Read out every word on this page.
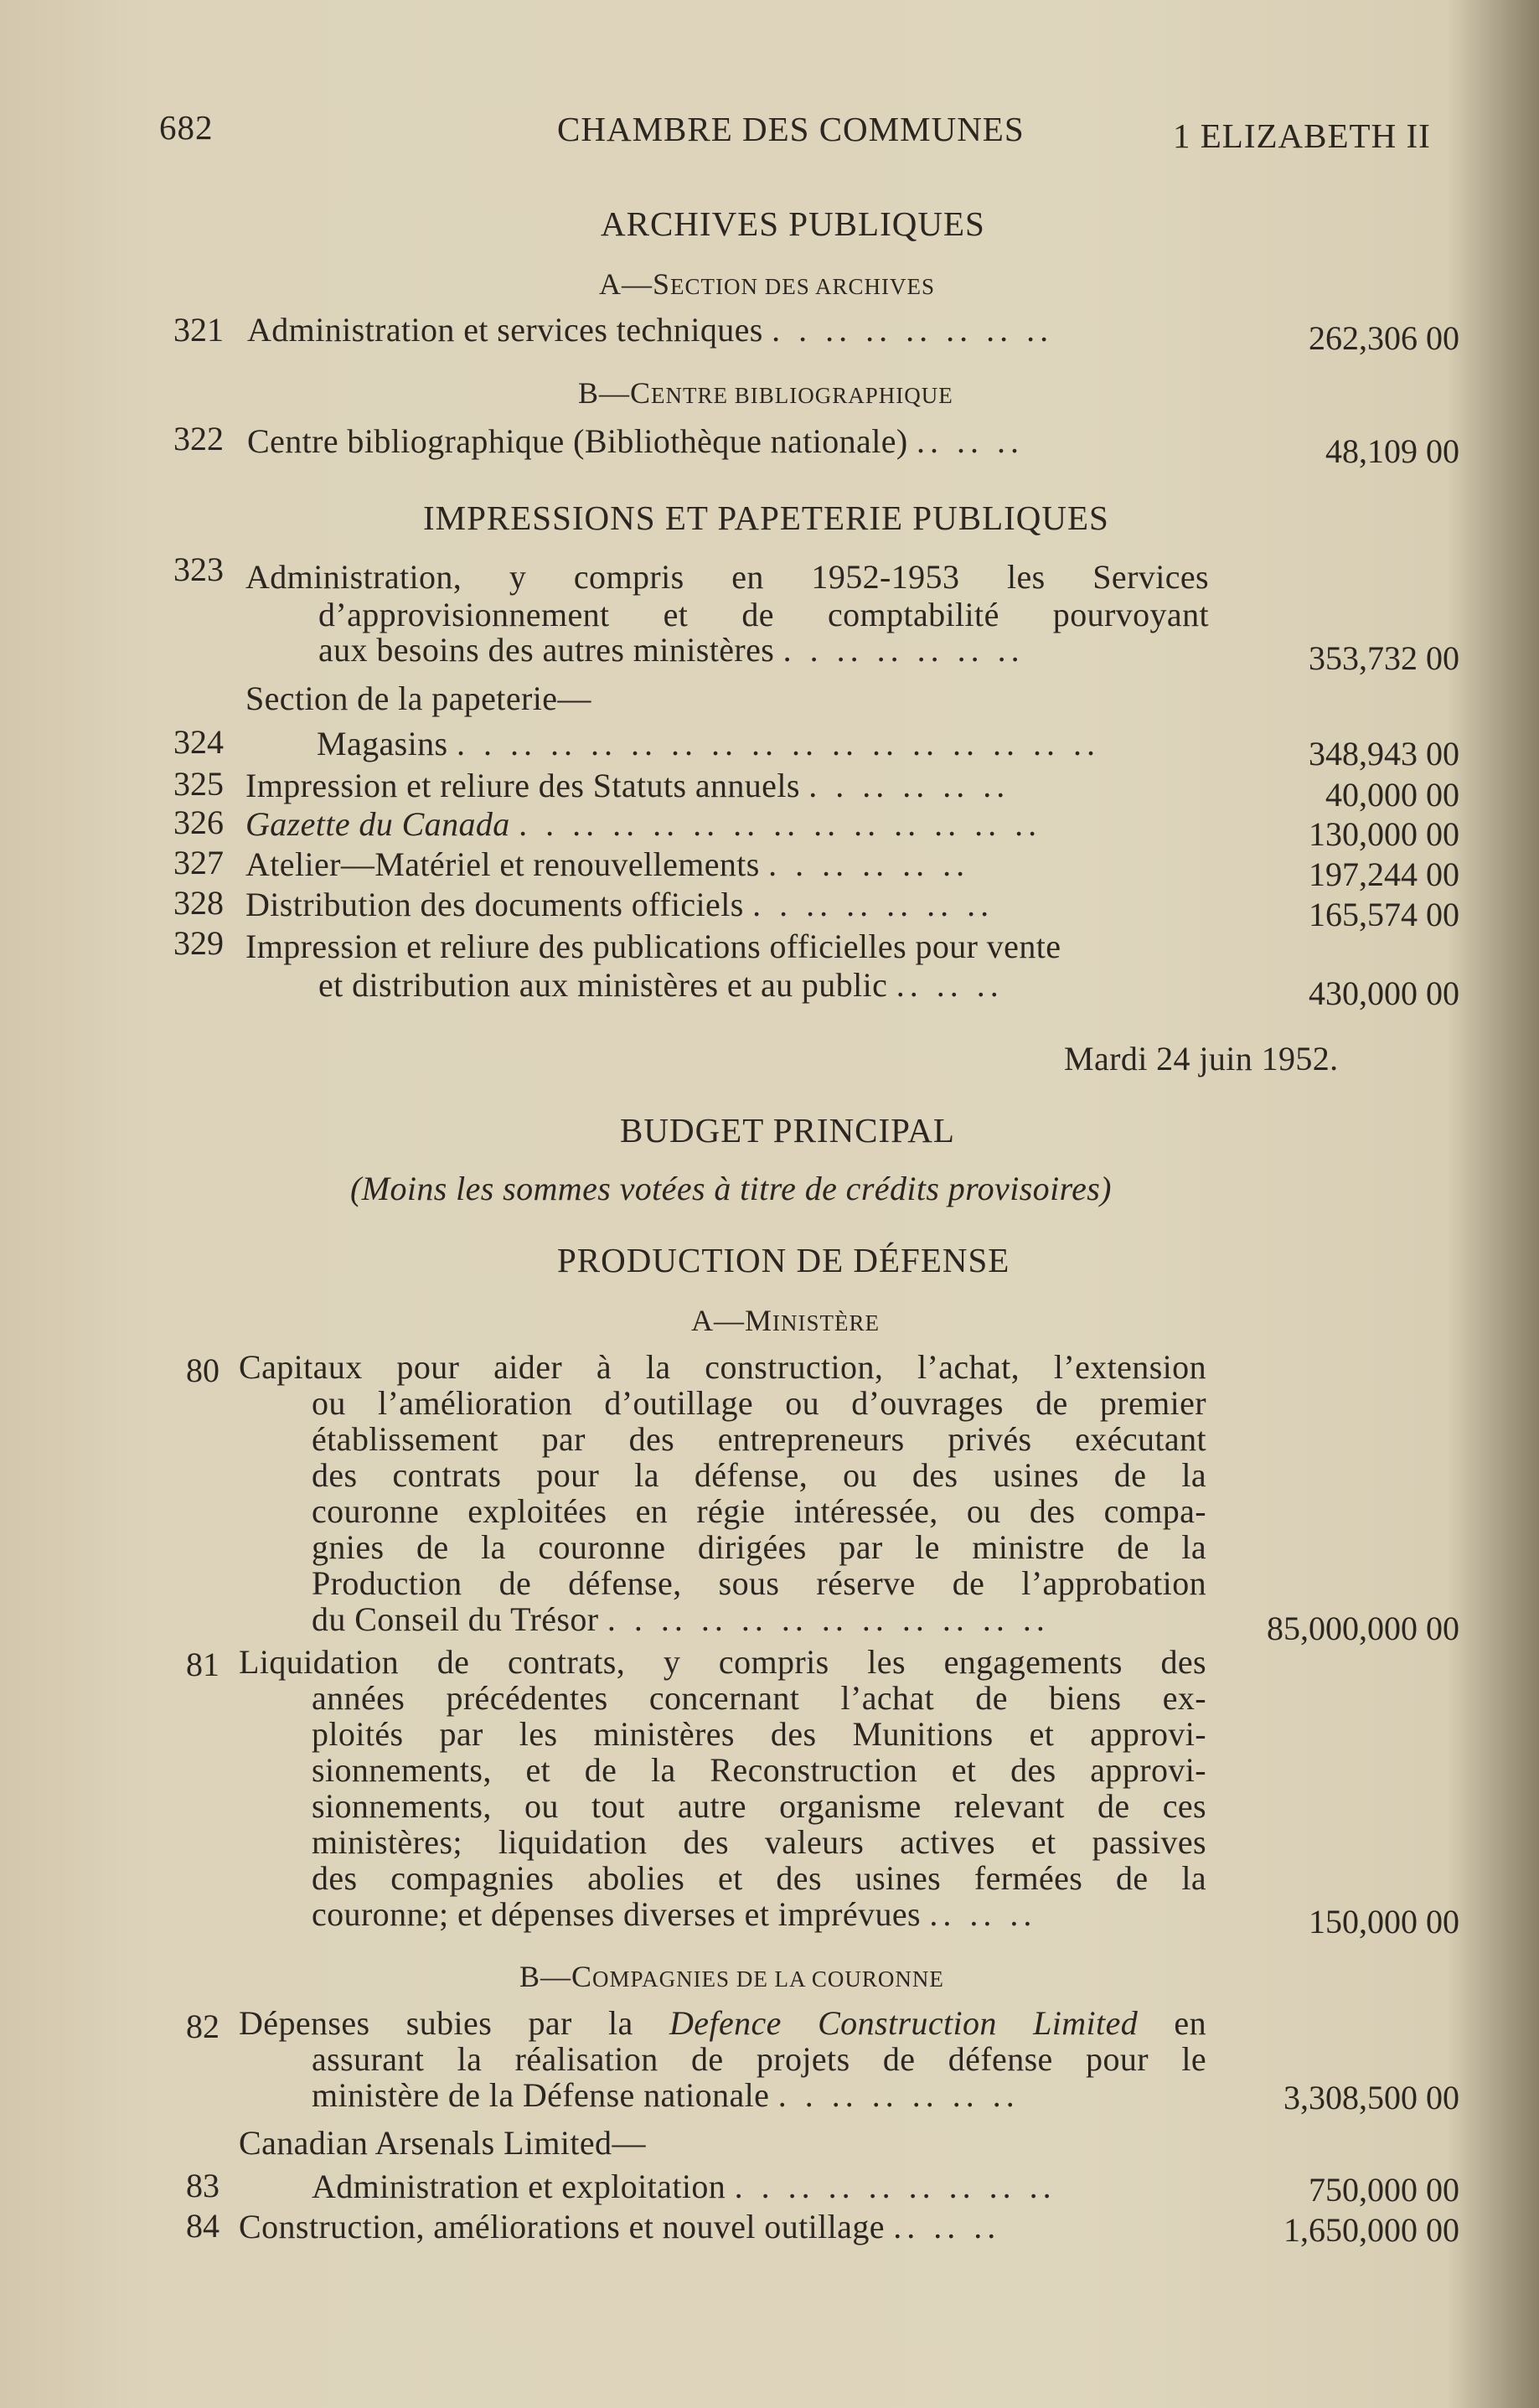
682	CHAMBRE DES COMMUNES	1 ELIZABETH II
ARCHIVES PUBLIQUES
A—SECTION DES ARCHIVES
321 Administration et services techniques . . .. .. .. .. .. ..	262,306 00
B—CENTRE BIBLIOGRAPHIQUE
322 Centre bibliographique (Bibliothèque nationale) .. .. ..	48,109 00
IMPRESSIONS ET PAPETERIE PUBLIQUES
323 Administration, y compris en 1952-1953 les Services
d’approvisionnement et de comptabilité pourvoyant
aux besoins des autres ministères . . .. .. .. .. ..	353,732 00
Section de la papeterie—
324	Magasins . . .. .. .. .. .. .. .. .. .. .. .. .. .. .. ..	348,943 00
325 Impression et reliure des Statuts annuels . . .. .. .. ..	40,000 00
326 Gazette du Canada . . .. .. .. .. .. .. .. .. .. .. .. ..	130,000 00
327 Atelier—Matériel et renouvellements . . .. .. .. ..	197,244 00
328 Distribution des documents officiels . . .. .. .. .. ..	165,574 00
329 Impression et reliure des publications officielles pour vente
et distribution aux ministères et au public .. .. ..	430,000 00
Mardi 24 juin 1952.
BUDGET PRINCIPAL
(Moins les sommes votées à titre de crédits provisoires)
PRODUCTION DE DÉFENSE
A—MINISTÈRE
80 Capitaux pour aider à la construction, l’achat, l’extension
ou l’amélioration d’outillage ou d’ouvrages de premier
établissement par des entrepreneurs privés exécutant
des contrats pour la défense, ou des usines de la
couronne exploitées en régie intéressée, ou des compa-
gnies de la couronne dirigées par le ministre de la
Production de défense, sous réserve de l’approbation
du Conseil du Trésor . . .. .. .. .. .. .. .. .. .. ..	85,000,000 00
81 Liquidation de contrats, y compris les engagements des
années précédentes concernant l’achat de biens ex-
ploités par les ministères des Munitions et approvi-
sionnements, et de la Reconstruction et des approvi-
sionnements, ou tout autre organisme relevant de ces
ministères; liquidation des valeurs actives et passives
des compagnies abolies et des usines fermées de la
couronne; et dépenses diverses et imprévues .. .. ..	150,000 00
B—COMPAGNIES DE LA COURONNE
82 Dépenses subies par la Defence Construction Limited en
assurant la réalisation de projets de défense pour le
ministère de la Défense nationale . . .. .. .. .. ..	3,308,500 00
Canadian Arsenals Limited—
83	Administration et exploitation . . .. .. .. .. .. .. ..	750,000 00
84 Construction, améliorations et nouvel outillage .. .. ..	1,650,000 00
